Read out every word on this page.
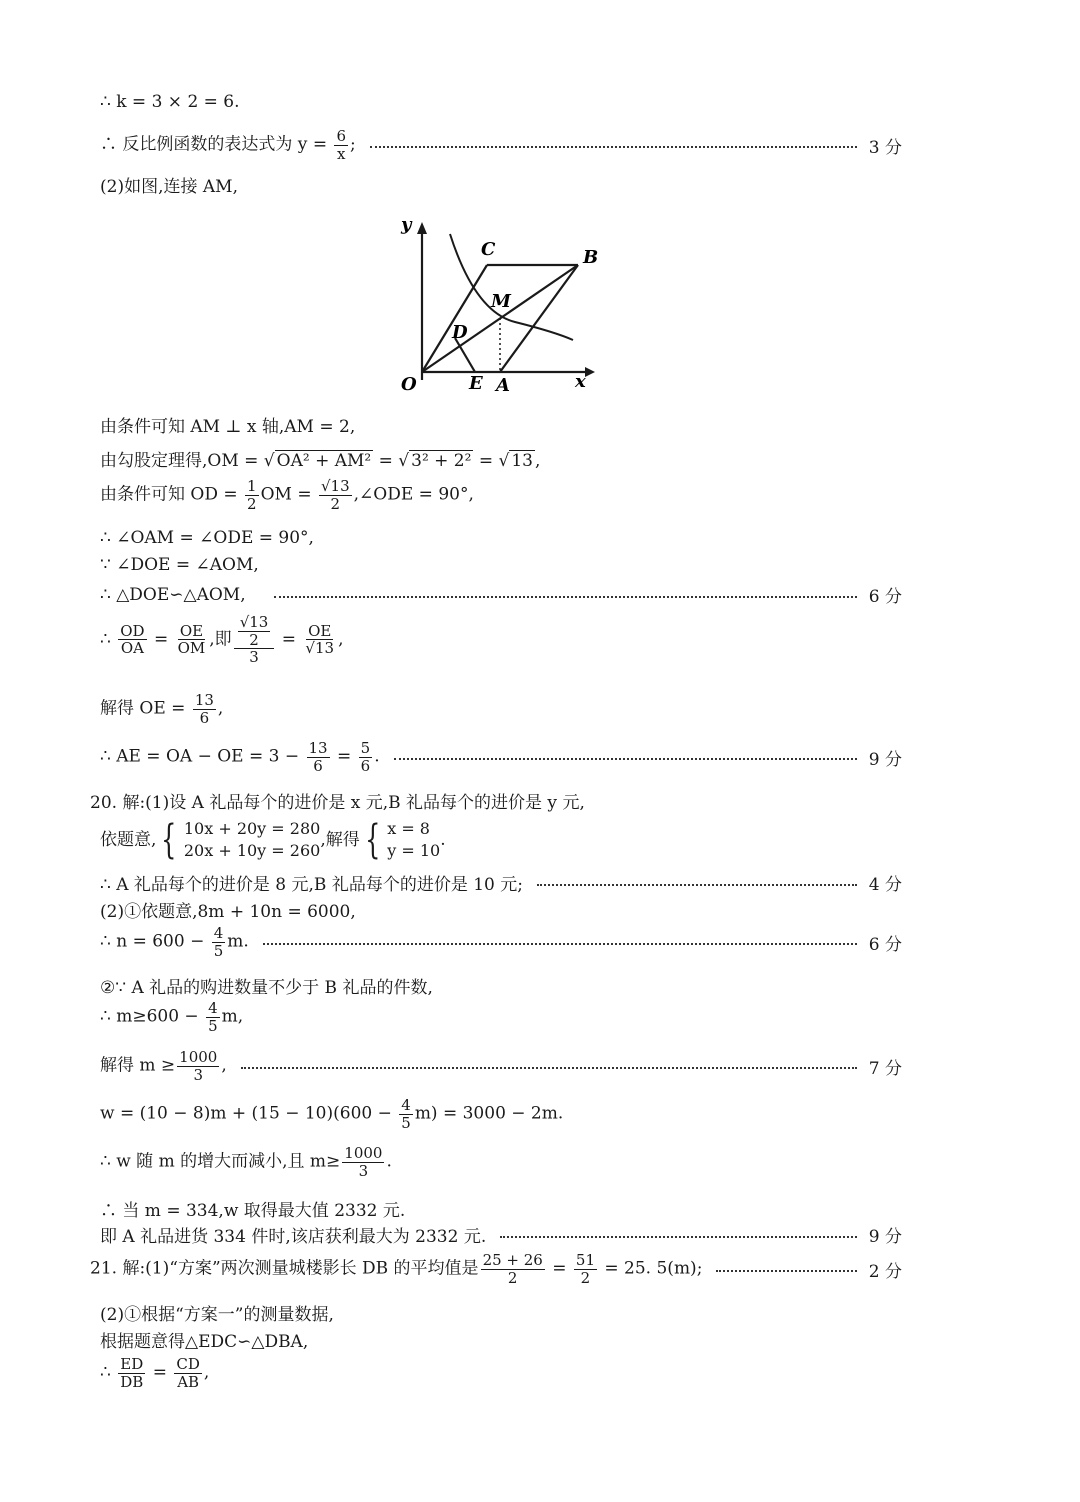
∴ k = 3 × 2 = 6.
∴ 反比例函数的表达式为 $y = \frac{6}{x}$ ;	3 分
(2)如图,连接 AM,
y
x
O	E A
B
C
D
M
由条件可知 AM ⊥ x 轴,AM = 2,
由勾股定理得,OM = √ OA² + AM² = √ 3² + 2² = √ 13 ,
由条件可知 OD = $\frac{1}{2}$ OM = $\frac{√13}{2}$ ,∠ODE = 90°,
∴ ∠OAM = ∠ODE = 90°,
∵ ∠DOE = ∠AOM,
∴ △DOE∽△AOM,	6 分
∴ $\frac{OD}{OA} = \frac{OE}{OM}$ ,即 $\frac{\frac{√13}{2}}{3} = \frac{OE}{√13}$ ,
解得 OE = $\frac{13}{6}$ ,
∴ AE = OA − OE = $3 - \frac{13}{6} = \frac{5}{6}$ .	9 分
20. 解:(1)设 A 礼品每个的进价是 x 元,B 礼品每个的进价是 y 元,
依题意, { 10x + 20y = 280
20x + 10y = 260
,解得 { x = 8
y = 10
.
∴ A 礼品每个的进价是 8 元,B 礼品每个的进价是 10 元;	4 分
(2)①依题意,8m + 10n = 6000,
∴ $n = 600 - \frac{4}{5} m$.	6 分
②∵ A 礼品的购进数量不少于 B 礼品的件数,
∴ $m\ge 600 - \frac{4}{5} m$,
解得 $m \ge \frac{1000}{3}$ ,	7 分
$w = (10 - 8)m + (15 - 10)(600 - \frac{4}{5} m) = 3000 - 2m$.
∴ w 随 m 的增大而减小,且 $m\ge \frac{1000}{3}$ .
∴ 当 m = 334,w 取得最大值 2332 元.
即 A 礼品进货 334 件时,该店获利最大为 2332 元.	9 分
21. 解:(1)“方案”两次测量城楼影长 DB 的平均值是 $\frac{25 + 26}{2} = \frac{51}{2} = 25$. 5(m);	2 分
(2)①根据“方案一”的测量数据,
根据题意得△EDC∽△DBA,
∴ $\frac{ED}{DB} = \frac{CD}{AB}$ ,
